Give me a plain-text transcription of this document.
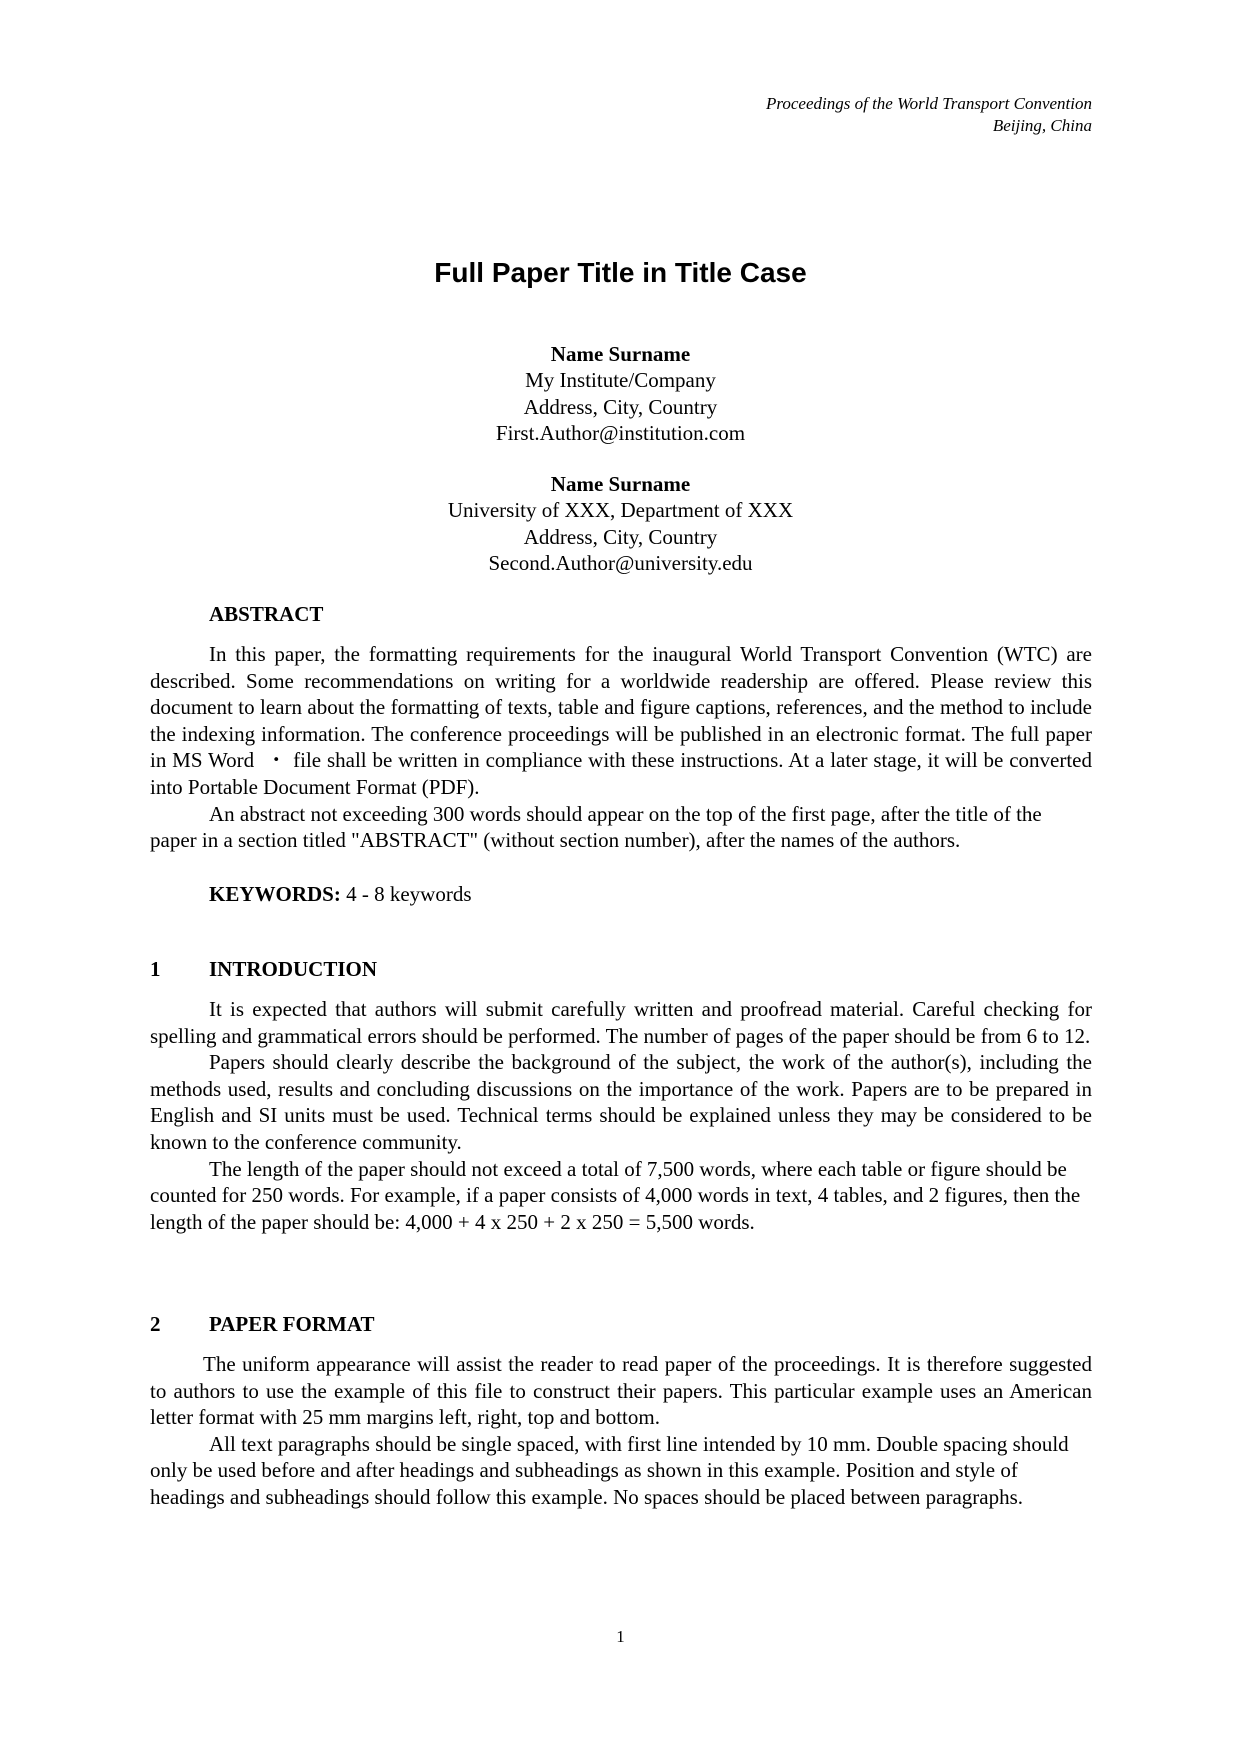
Proceedings of the World Transport Convention
Beijing, China
Full Paper Title in Title Case
Name Surname
My Institute/Company
Address, City, Country
First.Author@institution.com
Name Surname
University of XXX, Department of XXX
Address, City, Country
Second.Author@university.edu
ABSTRACT

In this paper, the formatting requirements for the inaugural World Transport Convention (WTC) are described. Some recommendations on writing for a worldwide readership are offered. Please review this document to learn about the formatting of texts, table and figure captions, references, and the method to include the indexing information. The conference proceedings will be published in an electronic format. The full paper in MS Word  ・ file shall be written in compliance with these instructions. At a later stage, it will be converted into Portable Document Format (PDF).

An abstract not exceeding 300 words should appear on the top of the first page, after the title of the paper in a section titled "ABSTRACT" (without section number), after the names of the authors.

KEYWORDS: 4 - 8 keywords
1 INTRODUCTION

It is expected that authors will submit carefully written and proofread material. Careful checking for spelling and grammatical errors should be performed. The number of pages of the paper should be from 6 to 12.

Papers should clearly describe the background of the subject, the work of the author(s), including the methods used, results and concluding discussions on the importance of the work. Papers are to be prepared in English and SI units must be used. Technical terms should be explained unless they may be considered to be known to the conference community.

The length of the paper should not exceed a total of 7,500 words, where each table or figure should be counted for 250 words. For example, if a paper consists of 4,000 words in text, 4 tables, and 2 figures, then the length of the paper should be: 4,000 + 4 x 250 + 2 x 250 = 5,500 words.

2 PAPER FORMAT

The uniform appearance will assist the reader to read paper of the proceedings. It is therefore suggested to authors to use the example of this file to construct their papers. This particular example uses an American letter format with 25 mm margins left, right, top and bottom.

All text paragraphs should be single spaced, with first line intended by 10 mm. Double spacing should only be used before and after headings and subheadings as shown in this example. Position and style of headings and subheadings should follow this example. No spaces should be placed between paragraphs.

1
